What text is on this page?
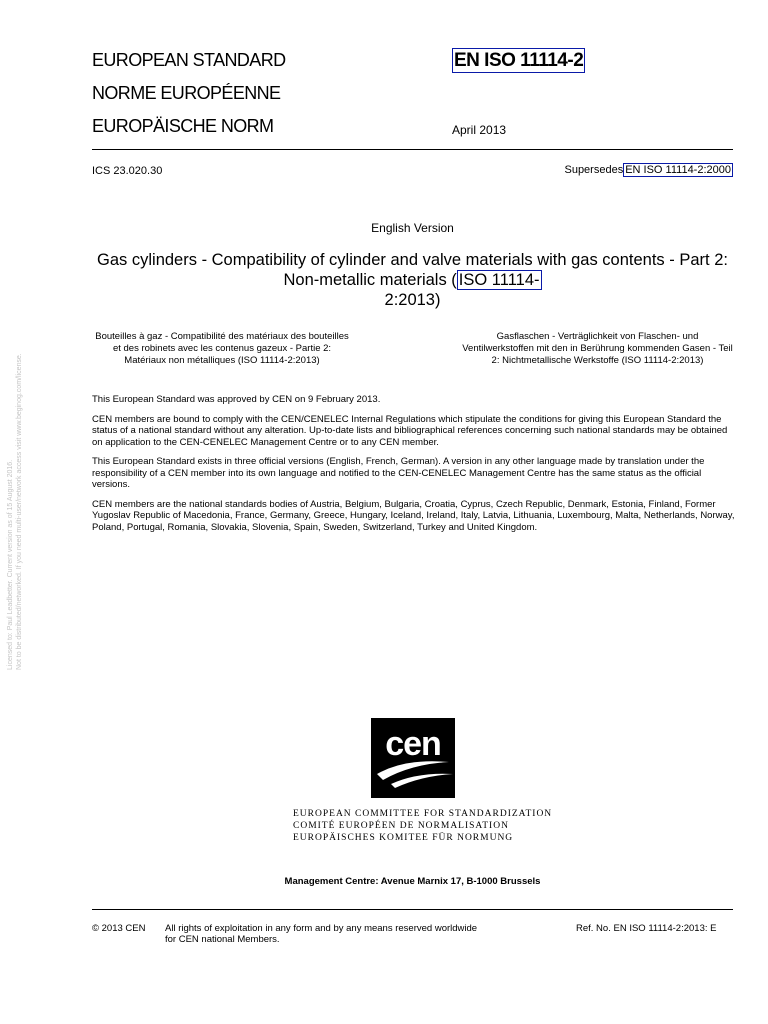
EUROPEAN STANDARD
NORME EUROPÉENNE
EUROPÄISCHE NORM
EN ISO 11114-2
April 2013
ICS 23.020.30	Supersedes EN ISO 11114-2:2000
English Version
Gas cylinders - Compatibility of cylinder and valve materials with gas contents - Part 2: Non-metallic materials ( ISO 11114-
2:2013)
Bouteilles à gaz - Compatibilité des matériaux des bouteilles et des robinets avec les contenus gazeux - Partie 2: Matériaux non métalliques (ISO 11114-2:2013)
Gasflaschen - Verträglichkeit von Flaschen- und Ventilwerkstoffen mit den in Berührung kommenden Gasen - Teil 2: Nichtmetallische Werkstoffe (ISO 11114-2:2013)

This European Standard was approved by CEN on 9 February 2013.

CEN members are bound to comply with the CEN/CENELEC Internal Regulations which stipulate the conditions for giving this European Standard the status of a national standard without any alteration. Up-to-date lists and bibliographical references concerning such national standards may be obtained on application to the CEN-CENELEC Management Centre or to any CEN member.

This European Standard exists in three official versions (English, French, German). A version in any other language made by translation under the responsibility of a CEN member into its own language and notified to the CEN-CENELEC Management Centre has the same status as the official versions.

CEN members are the national standards bodies of Austria, Belgium, Bulgaria, Croatia, Cyprus, Czech Republic, Denmark, Estonia, Finland, Former Yugoslav Republic of Macedonia, France, Germany, Greece, Hungary, Iceland, Ireland, Italy, Latvia, Lithuania, Luxembourg, Malta, Netherlands, Norway, Poland, Portugal, Romania, Slovakia, Slovenia, Spain, Sweden, Switzerland, Turkey and United Kingdom.

Licensed to: Paul Leadbetter. Current version as of 15 August 2016. Not to be distributed/networked. If you need multi-user/network access visit www.beginog.com/license.
cen
EUROPEAN COMMITTEE FOR STANDARDIZATION
COMITÉ EUROPÉEN DE NORMALISATION
EUROPÄISCHES KOMITEE FÜR NORMUNG
Management Centre: Avenue Marnix 17, B-1000 Brussels
© 2013 CEN All rights of exploitation in any form and by any means reserved worldwide for CEN national Members.
Ref. No. EN ISO 11114-2:2013: E
